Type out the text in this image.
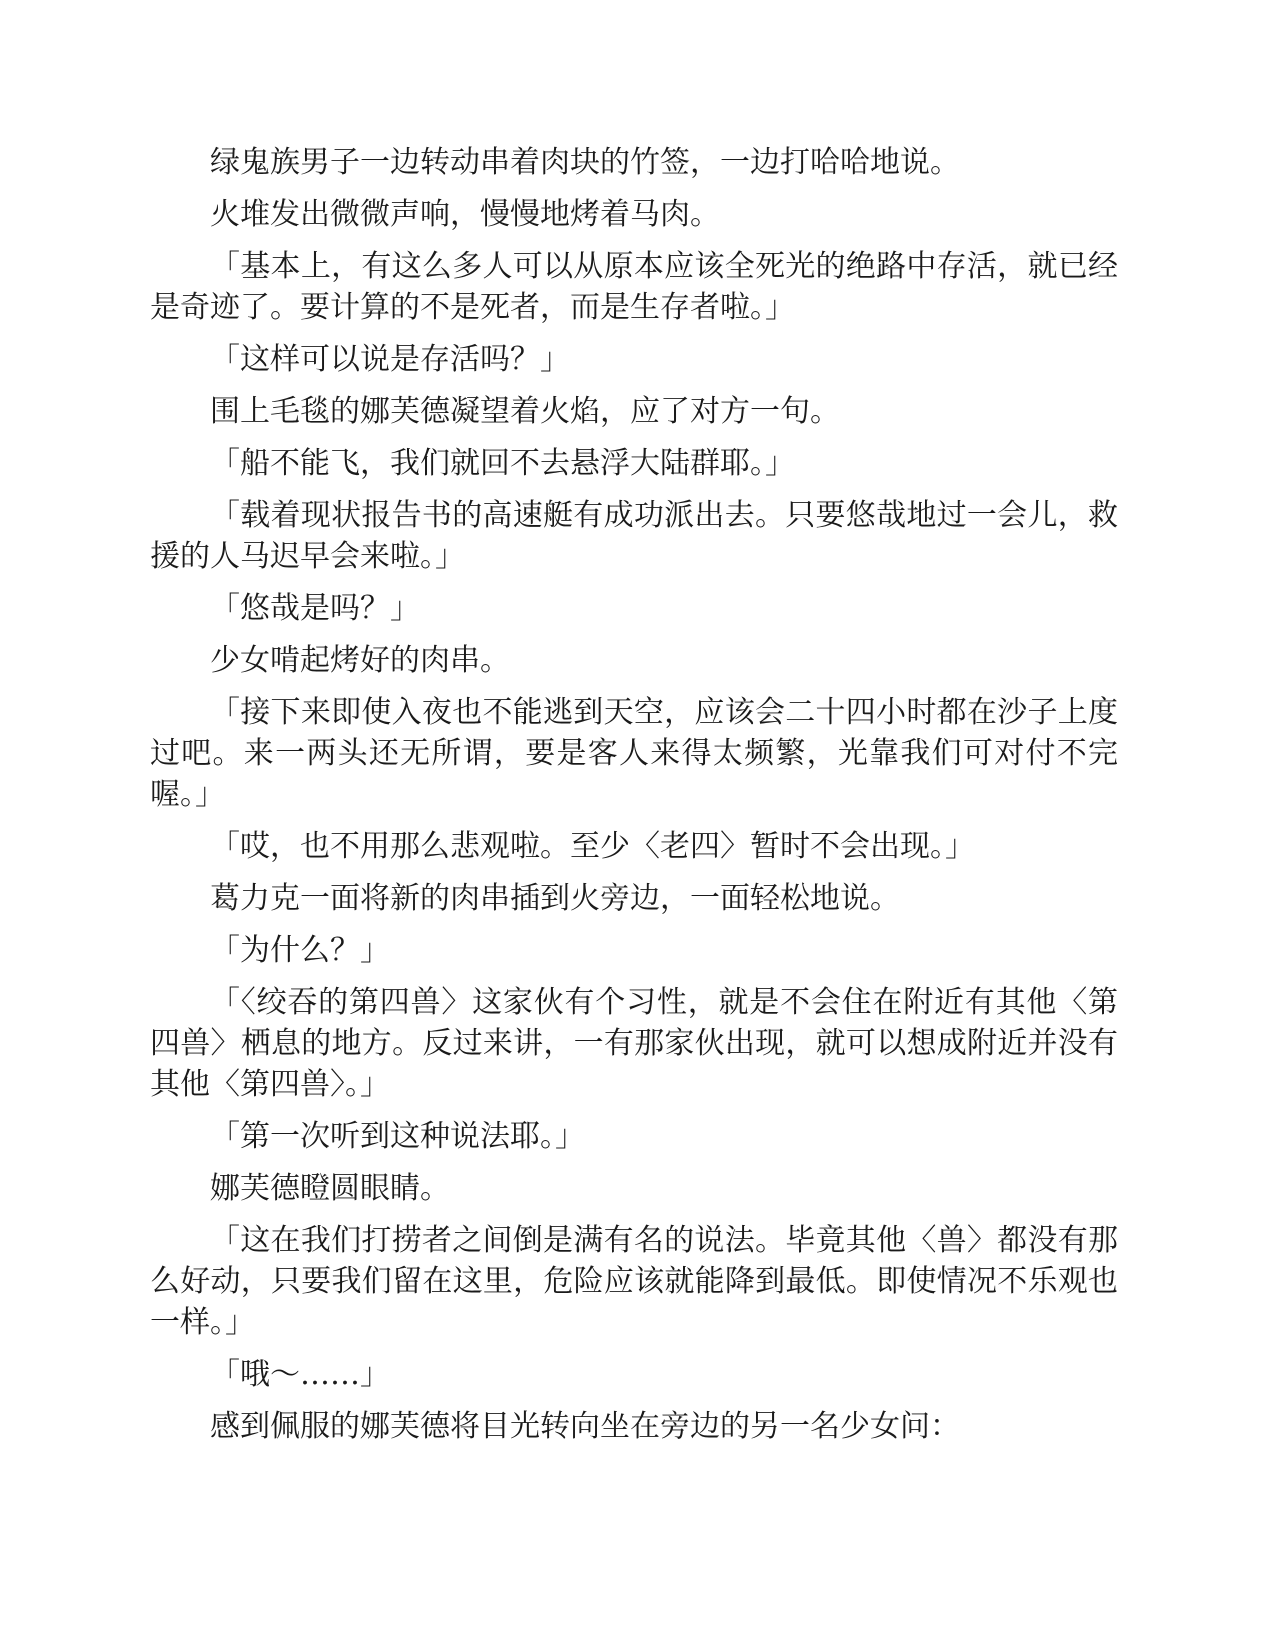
绿鬼族男子一边转动串着肉块的竹签，一边打哈哈地说。

火堆发出微微声响，慢慢地烤着马肉。

「基本上，有这么多人可以从原本应该全死光的绝路中存活，就已经是奇迹了。要计算的不是死者，而是生存者啦。」

「这样可以说是存活吗？」

围上毛毯的娜芙德凝望着火焰，应了对方一句。

「船不能飞，我们就回不去悬浮大陆群耶。」

「载着现状报告书的高速艇有成功派出去。只要悠哉地过一会儿，救援的人马迟早会来啦。」

「悠哉是吗？」

少女啃起烤好的肉串。

「接下来即使入夜也不能逃到天空，应该会二十四小时都在沙子上度过吧。来一两头还无所谓，要是客人来得太频繁，光靠我们可对付不完喔。」

「哎，也不用那么悲观啦。至少〈老四〉暂时不会出现。」

葛力克一面将新的肉串插到火旁边，一面轻松地说。

「为什么？」

「〈绞吞的第四兽〉这家伙有个习性，就是不会住在附近有其他〈第四兽〉栖息的地方。反过来讲，一有那家伙出现，就可以想成附近并没有其他〈第四兽〉。」

「第一次听到这种说法耶。」

娜芙德瞪圆眼睛。

「这在我们打捞者之间倒是满有名的说法。毕竟其他〈兽〉都没有那么好动，只要我们留在这里，危险应该就能降到最低。即使情况不乐观也一样。」

「哦～……」

感到佩服的娜芙德将目光转向坐在旁边的另一名少女问：
